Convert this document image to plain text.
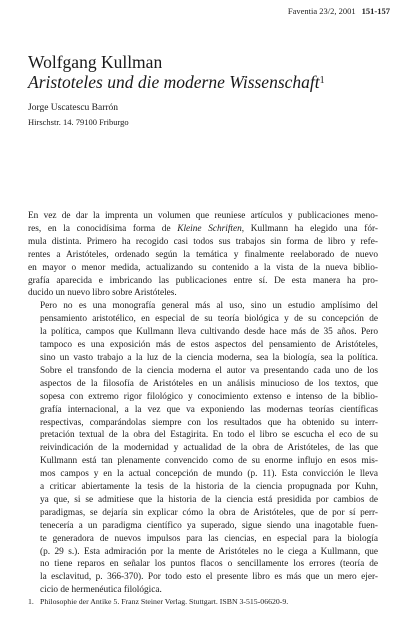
Faventia 23/2, 2001 151-157
Wolfgang Kullman
Aristoteles und die moderne Wissenschaft$^1$
Jorge Uscatescu Barrón
Hirschstr. 14. 79100 Friburgo

En vez de dar la imprenta un volumen que reuniese artículos y publicaciones meno-
res, en la conocidísima forma de Kleine Schriften, Kullmann ha elegido una fór-
mula distinta. Primero ha recogido casi todos sus trabajos sin forma de libro y refe-
rentes a Aristóteles, ordenado según la temática y finalmente reelaborado de nuevo
en mayor o menor medida, actualizando su contenido a la vista de la nueva biblio-
grafía aparecida e imbricando las publicaciones entre sí. De esta manera ha pro-
ducido un nuevo libro sobre Aristóteles.

Pero no es una monografía general más al uso, sino un estudio amplísimo del
pensamiento aristotélico, en especial de su teoría biológica y de su concepción de
la política, campos que Kullmann lleva cultivando desde hace más de 35 años. Pero
tampoco es una exposición más de estos aspectos del pensamiento de Aristóteles,
sino un vasto trabajo a la luz de la ciencia moderna, sea la biología, sea la política.
Sobre el transfondo de la ciencia moderna el autor va presentando cada uno de los
aspectos de la filosofía de Aristóteles en un análisis minucioso de los textos, que
sopesa con extremo rigor filológico y conocimiento extenso e intenso de la biblio-
grafía internacional, a la vez que va exponiendo las modernas teorías científicas
respectivas, comparándolas siempre con los resultados que ha obtenido su interr-
pretación textual de la obra del Estagirita. En todo el libro se escucha el eco de su
reivindicación de la modernidad y actualidad de la obra de Aristóteles, de las que
Kullmann está tan plenamente convencido como de su enorme influjo en esos mis-
mos campos y en la actual concepción de mundo (p. 11). Esta convicción le lleva
a criticar abiertamente la tesis de la historia de la ciencia propugnada por Kuhn,
ya que, si se admitiese que la historia de la ciencia está presidida por cambios de
paradigmas, se dejaría sin explicar cómo la obra de Aristóteles, que de por sí perr-
tenecería a un paradigma científico ya superado, sigue siendo una inagotable fuen-
te generadora de nuevos impulsos para las ciencias, en especial para la biología
(p. 29 s.). Esta admiración por la mente de Aristóteles no le ciega a Kullmann, que
no tiene reparos en señalar los puntos flacos o sencillamente los errores (teoría de
la esclavitud, p. 366-370). Por todo esto el presente libro es más que un mero ejer-
cicio de hermenéutica filológica.

1. Philosophie der Antike 5. Franz Steiner Verlag. Stuttgart. ISBN 3-515-06620-9.
